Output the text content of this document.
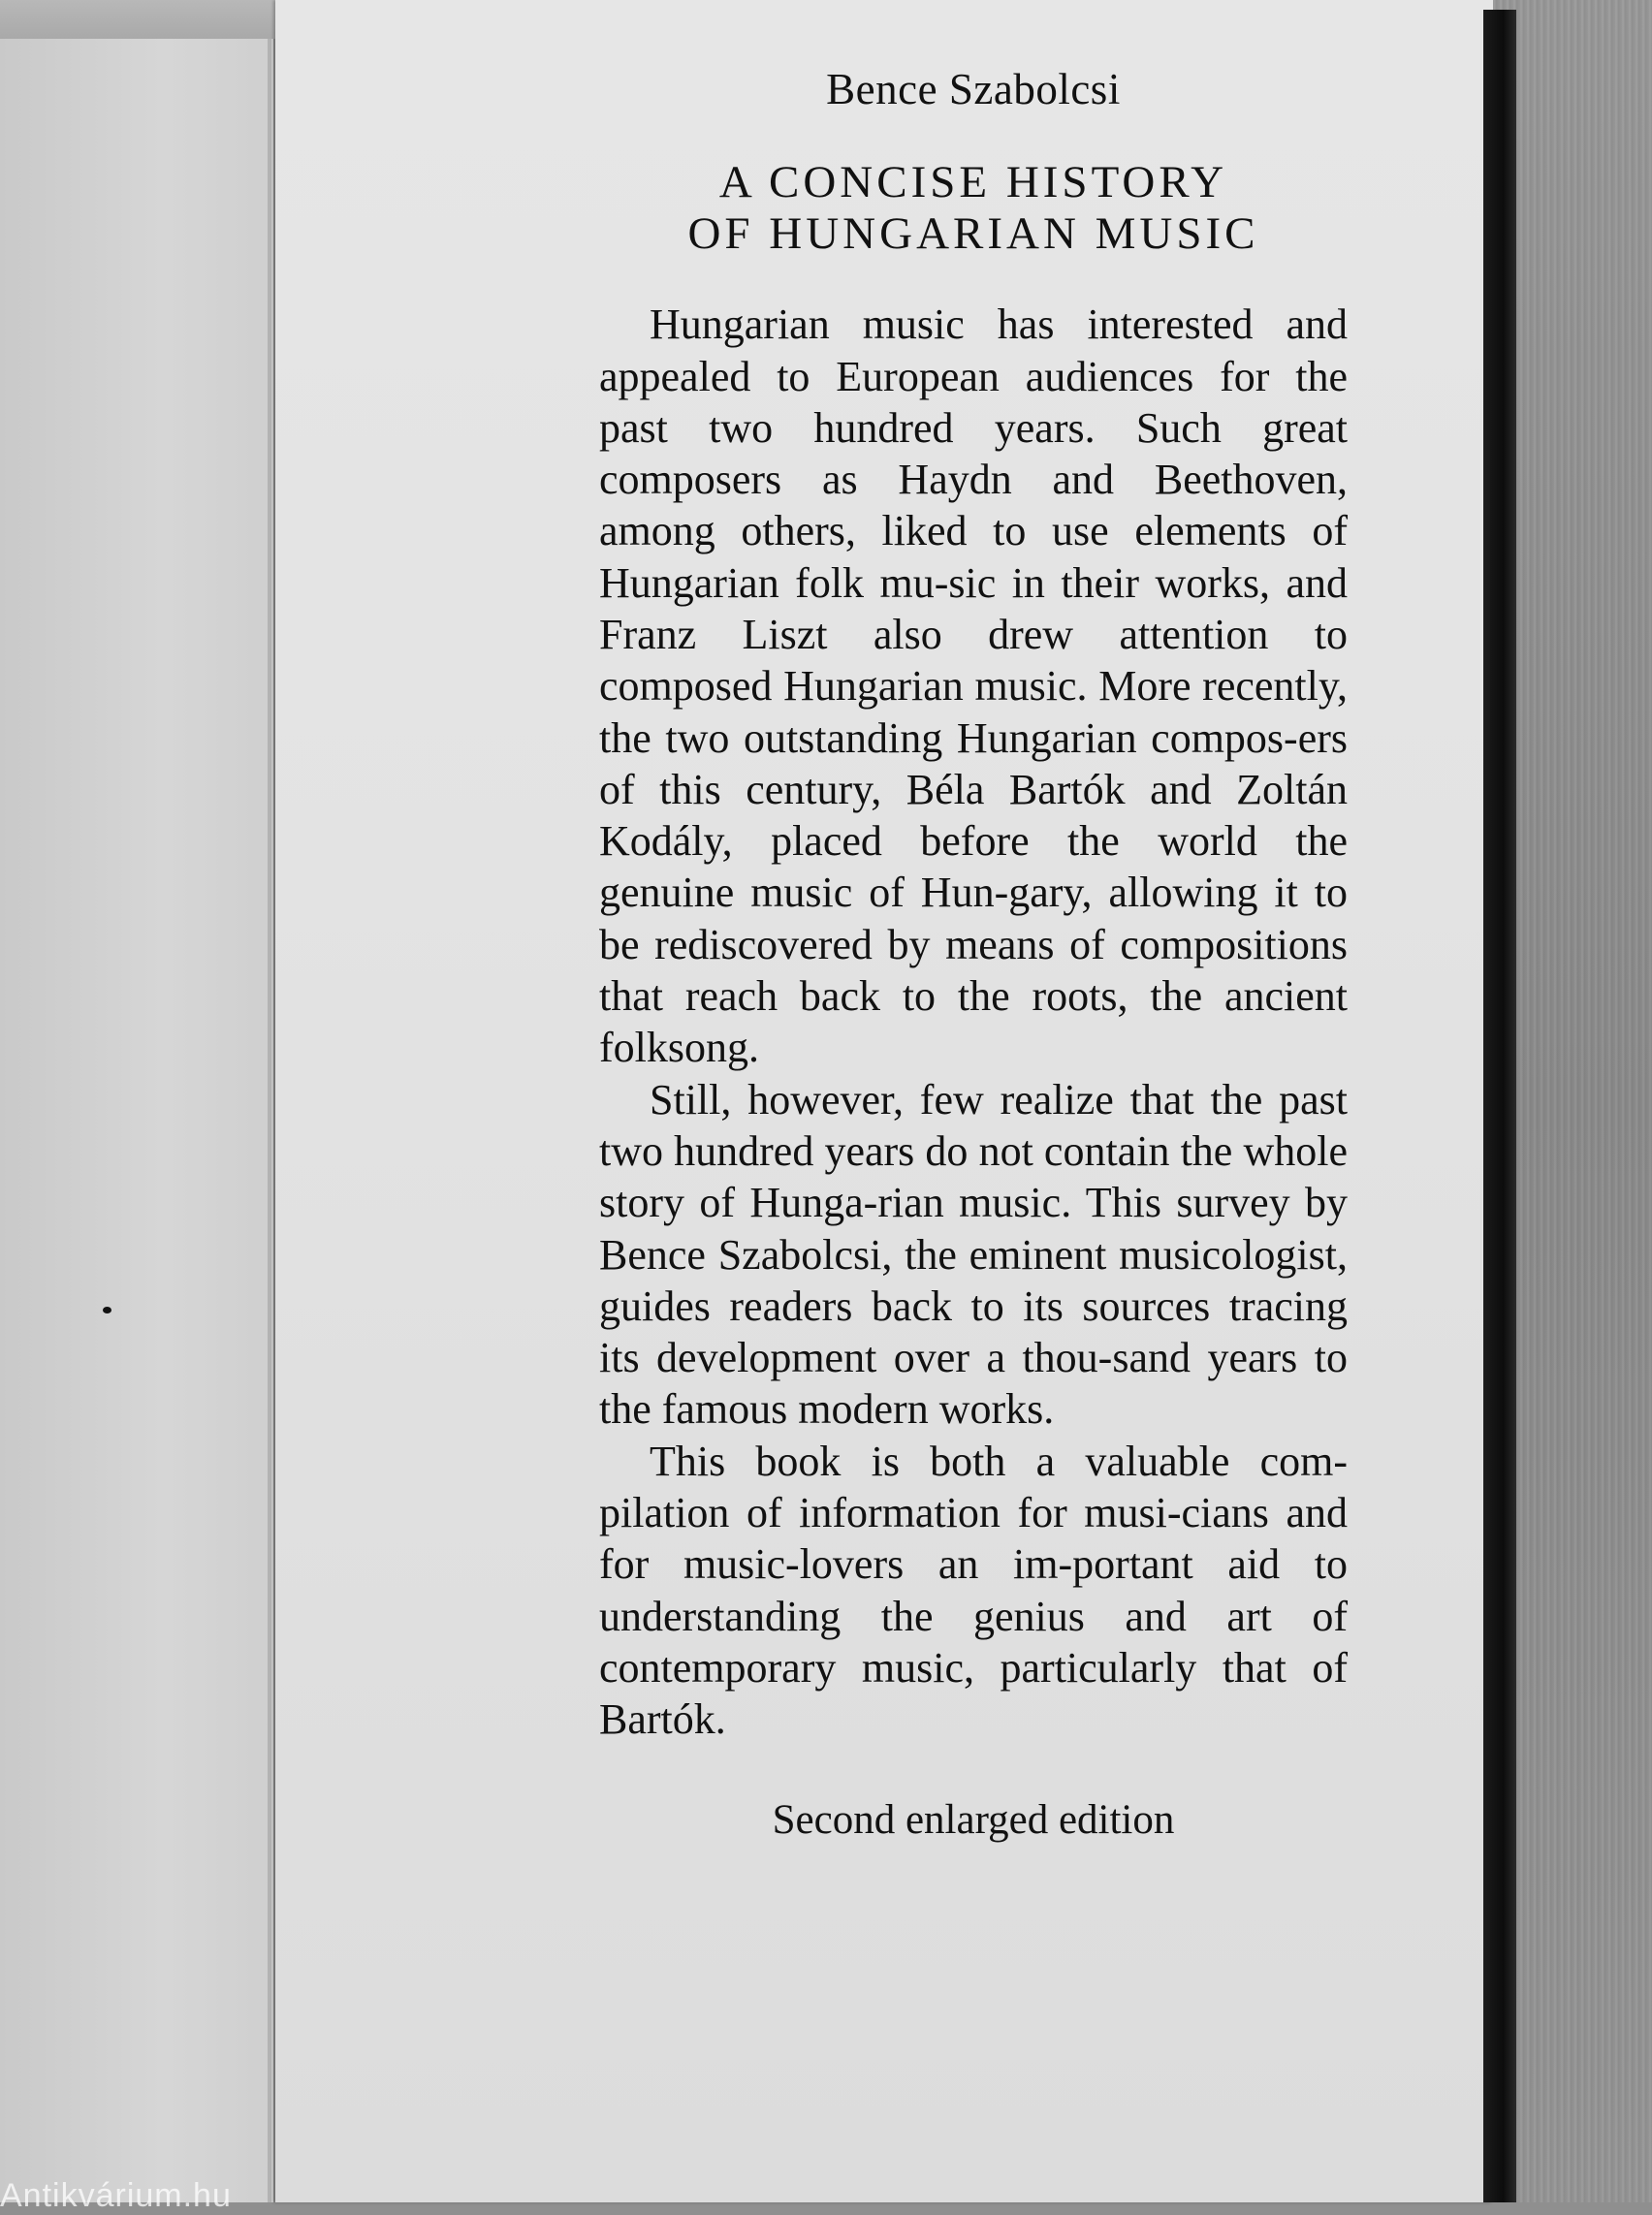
Bence Szabolcsi
A CONCISE HISTORY
OF HUNGARIAN MUSIC

Hungarian music has interested and appealed to European audiences for the past two hundred years. Such great composers as Haydn and Beethoven, among others, liked to use elements of Hungarian folk mu-sic in their works, and Franz Liszt also drew attention to composed Hungarian music. More recently, the two outstanding Hungarian compos-ers of this century, Béla Bartók and Zoltán Kodály, placed before the world the genuine music of Hun-gary, allowing it to be rediscovered by means of compositions that reach back to the roots, the ancient folksong.

Still, however, few realize that the past two hundred years do not contain the whole story of Hunga-rian music. This survey by Bence Szabolcsi, the eminent musicologist, guides readers back to its sources tracing its development over a thou-sand years to the famous modern works.

This book is both a valuable com-pilation of information for musi-cians and for music-lovers an im-portant aid to understanding the genius and art of contemporary music, particularly that of Bartók.

Second enlarged edition
Antikvárium.hu
